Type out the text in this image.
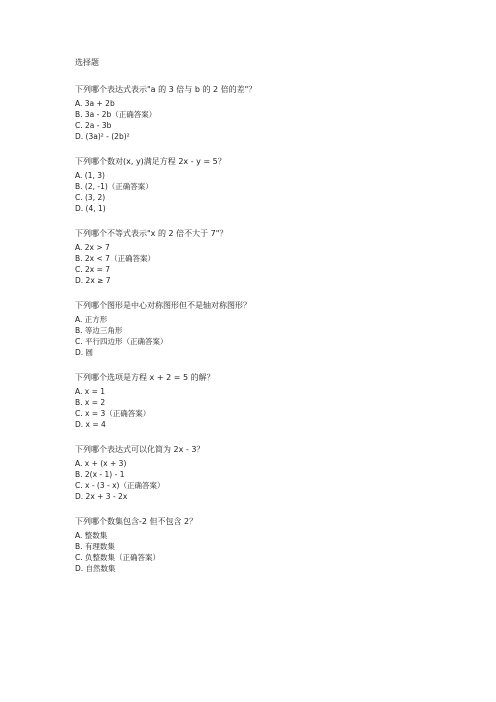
选择题
下列哪个表达式表示"a 的 3 倍与 b 的 2 倍的差"？
A. 3a + 2b
B. 3a - 2b（正确答案）
C. 2a - 3b
D. (3a)² - (2b)²
下列哪个数对(x, y)满足方程 2x - y = 5？
A. (1, 3)
B. (2, -1)（正确答案）
C. (3, 2)
D. (4, 1)
下列哪个不等式表示"x 的 2 倍不大于 7"？
A. 2x > 7
B. 2x < 7（正确答案）
C. 2x = 7
D. 2x ≥ 7
下列哪个图形是中心对称图形但不是轴对称图形？
A. 正方形
B. 等边三角形
C. 平行四边形（正确答案）
D. 圆
下列哪个选项是方程 x + 2 = 5 的解？
A. x = 1
B. x = 2
C. x = 3（正确答案）
D. x = 4
下列哪个表达式可以化简为 2x - 3？
A. x + (x + 3)
B. 2(x - 1) - 1
C. x - (3 - x)（正确答案）
D. 2x + 3 - 2x
下列哪个数集包含-2 但不包含 2？
A. 整数集
B. 有理数集
C. 负整数集（正确答案）
D. 自然数集
